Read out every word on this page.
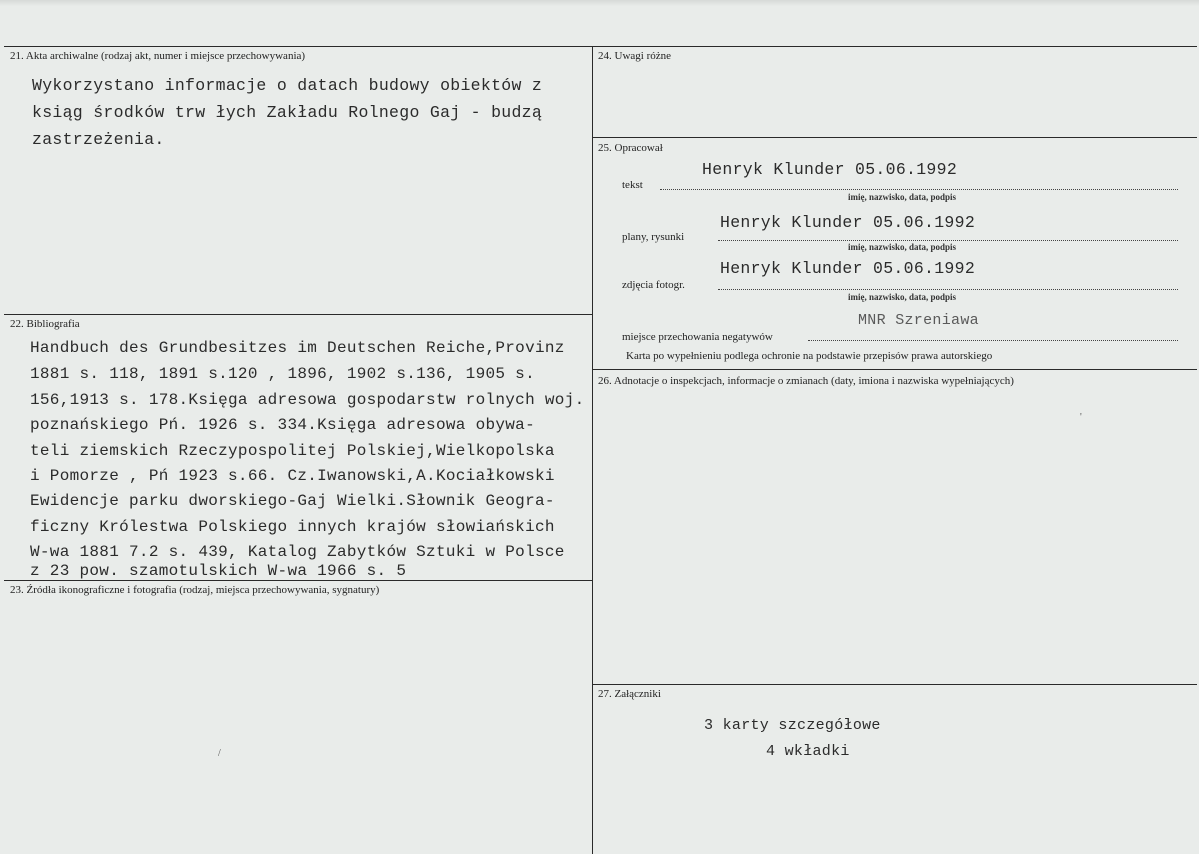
21. Akta archiwalne (rodzaj akt, numer i miejsce przechowywania)
Wykorzystano informacje o datach budowy obiektów z
ksiąg środków trw łych Zakładu Rolnego Gaj - budzą
zastrzeżenia.
22. Bibliografia
Handbuch des Grundbesitzes im Deutschen Reiche,Provinz
1881 s. 118, 1891 s.120 , 1896, 1902 s.136, 1905 s.
156,1913 s. 178.Księga adresowa gospodarstw rolnych woj.
poznańskiego Pń. 1926 s. 334.Księga adresowa obywa-
teli ziemskich Rzeczypospolitej Polskiej,Wielkopolska
i Pomorze , Pń 1923 s.66. Cz.Iwanowski,A.Kociałkowski
Ewidencje parku dworskiego-Gaj Wielki.Słownik Geogra-
ficzny Królestwa Polskiego innych krajów słowiańskich
W-wa 1881 7.2 s. 439, Katalog Zabytków Sztuki w Polsce
z 23 pow. szamotulskich W-wa 1966 s. 5
23. Źródła ikonograficzne i fotografia (rodzaj, miejsca przechowywania, sygnatury)
24. Uwagi różne
25. Opracował
Henryk Klunder 05.06.1992
tekst
imię, nazwisko, data, podpis
Henryk Klunder 05.06.1992
plany, rysunki
imię, nazwisko, data, podpis
Henryk Klunder 05.06.1992
zdjęcia fotogr.
imię, nazwisko, data, podpis
MNR Szreniawa
miejsce przechowania negatywów
Karta po wypełnieniu podlega ochronie na podstawie przepisów prawa autorskiego
26. Adnotacje o inspekcjach, informacje o zmianach (daty, imiona i nazwiska wypełniających)
'
27. Załączniki
3 karty szczegółowe
4 wkładki
/
